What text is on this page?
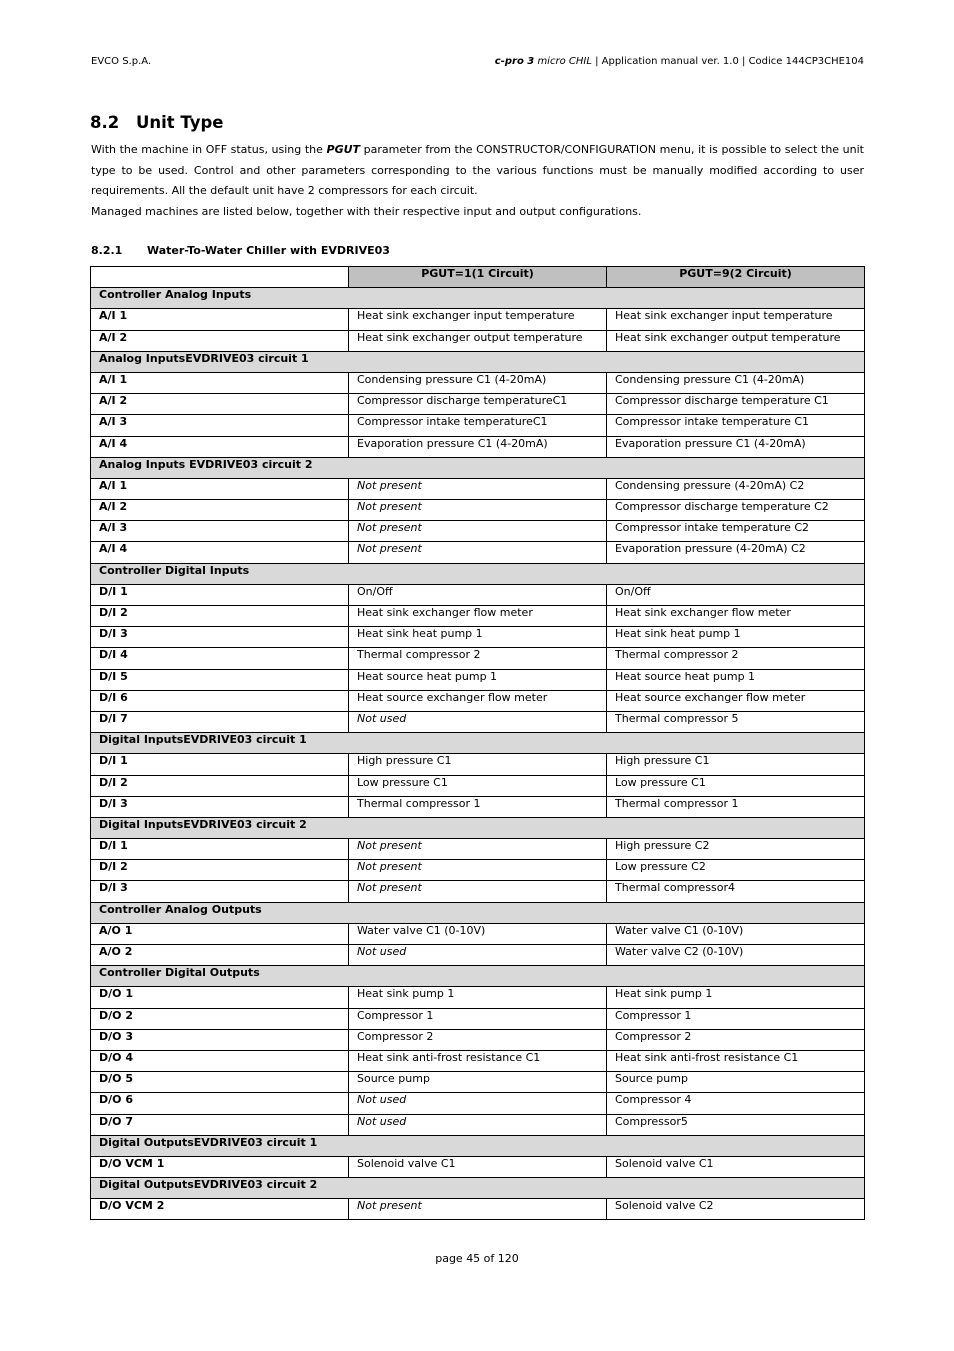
EVCO S.p.A.	c-pro 3 micro CHIL | Application manual ver. 1.0 | Codice 144CP3CHE104
8.2 Unit Type

With the machine in OFF status, using the PGUT parameter from the CONSTRUCTOR/CONFIGURATION menu, it is possible to select the unit type to be used. Control and other parameters corresponding to the various functions must be manually modified according to user requirements. All the default unit have 2 compressors for each circuit.

Managed machines are listed below, together with their respective input and output configurations.

8.2.1 Water-To-Water Chiller with EVDRIVE03
	PGUT=1(1 Circuit)	PGUT=9(2 Circuit)
Controller Analog Inputs		
A/I 1	Heat sink exchanger input temperature	Heat sink exchanger input temperature
A/I 2	Heat sink exchanger output temperature	Heat sink exchanger output temperature
Analog InputsEVDRIVE03 circuit 1		
A/I 1	Condensing pressure C1 (4-20mA)	Condensing pressure C1 (4-20mA)
A/I 2	Compressor discharge temperatureC1	Compressor discharge temperature C1
A/I 3	Compressor intake temperatureC1	Compressor intake temperature C1
A/I 4	Evaporation pressure C1 (4-20mA)	Evaporation pressure C1 (4-20mA)
Analog Inputs EVDRIVE03 circuit 2		
A/I 1	Not present	Condensing pressure (4-20mA) C2
A/I 2	Not present	Compressor discharge temperature C2
A/I 3	Not present	Compressor intake temperature C2
A/I 4	Not present	Evaporation pressure (4-20mA) C2
Controller Digital Inputs		
D/I 1	On/Off	On/Off
D/I 2	Heat sink exchanger flow meter	Heat sink exchanger flow meter
D/I 3	Heat sink heat pump 1	Heat sink heat pump 1
D/I 4	Thermal compressor 2	Thermal compressor 2
D/I 5	Heat source heat pump 1	Heat source heat pump 1
D/I 6	Heat source exchanger flow meter	Heat source exchanger flow meter
D/I 7	Not used	Thermal compressor 5
Digital InputsEVDRIVE03 circuit 1		
D/I 1	High pressure C1	High pressure C1
D/I 2	Low pressure C1	Low pressure C1
D/I 3	Thermal compressor 1	Thermal compressor 1
Digital InputsEVDRIVE03 circuit 2		
D/I 1	Not present	High pressure C2
D/I 2	Not present	Low pressure C2
D/I 3	Not present	Thermal compressor4
Controller Analog Outputs		
A/O 1	Water valve C1 (0-10V)	Water valve C1 (0-10V)
A/O 2	Not used	Water valve C2 (0-10V)
Controller Digital Outputs		
D/O 1	Heat sink pump 1	Heat sink pump 1
D/O 2	Compressor 1	Compressor 1
D/O 3	Compressor 2	Compressor 2
D/O 4	Heat sink anti-frost resistance C1	Heat sink anti-frost resistance C1
D/O 5	Source pump	Source pump
D/O 6	Not used	Compressor 4
D/O 7	Not used	Compressor5
Digital OutputsEVDRIVE03 circuit 1		
D/O VCM 1	Solenoid valve C1	Solenoid valve C1
Digital OutputsEVDRIVE03 circuit 2		
D/O VCM 2	Not present	Solenoid valve C2
page 45 of 120
